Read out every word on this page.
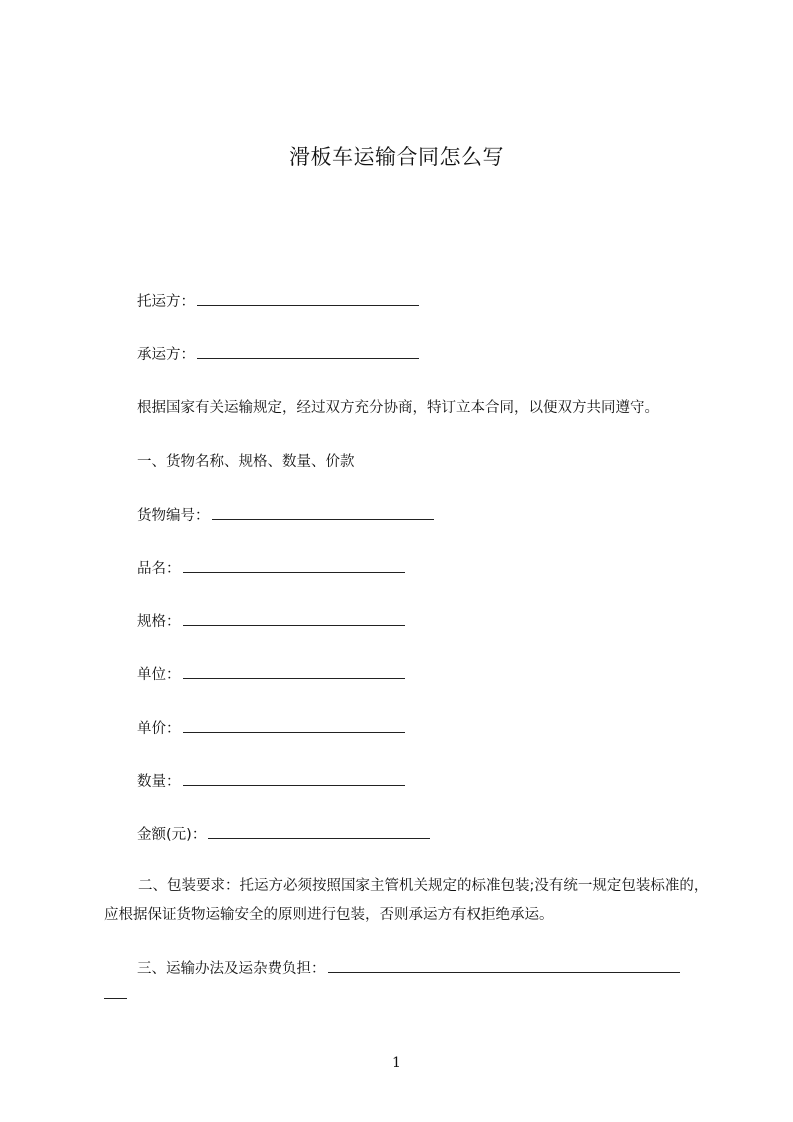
滑板车运输合同怎么写
托运方：
承运方：
根据国家有关运输规定，经过双方充分协商，特订立本合同，以便双方共同遵守。
一、货物名称、规格、数量、价款
货物编号：
品名：
规格：
单位：
单价：
数量：
金额(元)：
二、包装要求：托运方必须按照国家主管机关规定的标准包装;没有统一规定包装标准的，应根据保证货物运输安全的原则进行包装，否则承运方有权拒绝承运。
三、运输办法及运杂费负担：
1
